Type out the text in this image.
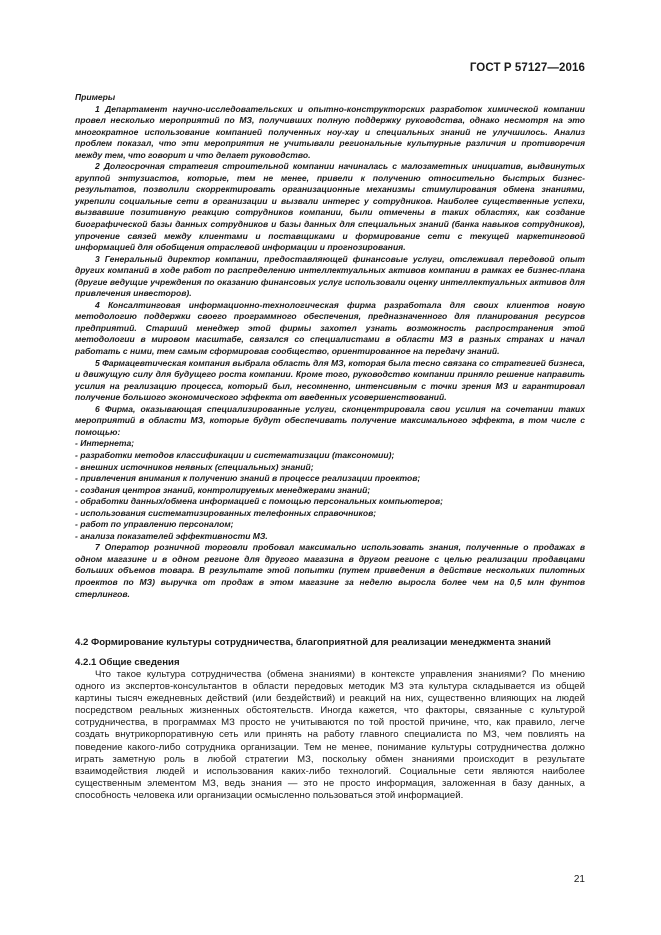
ГОСТ Р 57127—2016

Примеры

1 Департамент научно-исследовательских и опытно-конструкторских разработок химической компании провел несколько мероприятий по МЗ, получивших полную поддержку руководства, однако несмотря на это многократное использование компанией полученных ноу-хау и специальных знаний не улучшилось. Анализ проблем показал, что эти мероприятия не учитывали региональные культурные различия и противоречия между тем, что говорит и что делает руководство.

2 Долгосрочная стратегия строительной компании начиналась с малозаметных инициатив, выдвинутых группой энтузиастов, которые, тем не менее, привели к получению относительно быстрых бизнес-результатов, позволили скорректировать организационные механизмы стимулирования обмена знаниями, укрепили социальные сети в организации и вызвали интерес у сотрудников. Наиболее существенные успехи, вызвавшие позитивную реакцию сотрудников компании, были отмечены в таких областях, как создание биографической базы данных сотрудников и базы данных для специальных знаний (банка навыков сотрудников), упрочение связей между клиентами и поставщиками и формирование сети с текущей маркетинговой информацией для обобщения отраслевой информации и прогнозирования.

3 Генеральный директор компании, предоставляющей финансовые услуги, отслеживал передовой опыт других компаний в ходе работ по распределению интеллектуальных активов компании в рамках ее бизнес-плана (другие ведущие учреждения по оказанию финансовых услуг использовали оценку интеллектуальных активов для привлечения инвесторов).

4 Консалтинговая информационно-технологическая фирма разработала для своих клиентов новую методологию поддержки своего программного обеспечения, предназначенного для планирования ресурсов предприятий. Старший менеджер этой фирмы захотел узнать возможность распространения этой методологии в мировом масштабе, связался со специалистами в области МЗ в разных странах и начал работать с ними, тем самым сформировав сообщество, ориентированное на передачу знаний.

5 Фармацевтическая компания выбрала область для МЗ, которая была тесно связана со стратегией бизнеса, и движущую силу для будущего роста компании. Кроме того, руководство компании приняло решение направить усилия на реализацию процесса, который был, несомненно, интенсивным с точки зрения МЗ и гарантировал получение большого экономического эффекта от введенных усовершенствований.

6 Фирма, оказывающая специализированные услуги, сконцентрировала свои усилия на сочетании таких мероприятий в области МЗ, которые будут обеспечивать получение максимального эффекта, в том числе с помощью:

- Интернета;

- разработки методов классификации и систематизации (таксономии);

- внешних источников неявных (специальных) знаний;

- привлечения внимания к получению знаний в процессе реализации проектов;

- создания центров знаний, контролируемых менеджерами знаний;

- обработки данных/обмена информацией с помощью персональных компьютеров;

- использования систематизированных телефонных справочников;

- работ по управлению персоналом;

- анализа показателей эффективности МЗ.

7 Оператор розничной торговли пробовал максимально использовать знания, полученные о продажах в одном магазине и в одном регионе для другого магазина в другом регионе с целью реализации продавцами больших объемов товара. В результате этой попытки (путем приведения в действие нескольких пилотных проектов по МЗ) выручка от продаж в этом магазине за неделю выросла более чем на 0,5 млн фунтов стерлингов.

4.2 Формирование культуры сотрудничества, благоприятной для реализации менеджмента знаний

4.2.1 Общие сведения

Что такое культура сотрудничества (обмена знаниями) в контексте управления знаниями? По мнению одного из экспертов-консультантов в области передовых методик МЗ эта культура складывается из общей картины тысяч ежедневных действий (или бездействий) и реакций на них, существенно влияющих на людей посредством реальных жизненных обстоятельств. Иногда кажется, что факторы, связанные с культурой сотрудничества, в программах МЗ просто не учитываются по той простой причине, что, как правило, легче создать внутрикорпоративную сеть или принять на работу главного специалиста по МЗ, чем повлиять на поведение какого-либо сотрудника организации. Тем не менее, понимание культуры сотрудничества должно играть заметную роль в любой стратегии МЗ, поскольку обмен знаниями происходит в результате взаимодействия людей и использования каких-либо технологий. Социальные сети являются наиболее существенным элементом МЗ, ведь знания — это не просто информация, заложенная в базу данных, а способность человека или организации осмысленно пользоваться этой информацией.

21
